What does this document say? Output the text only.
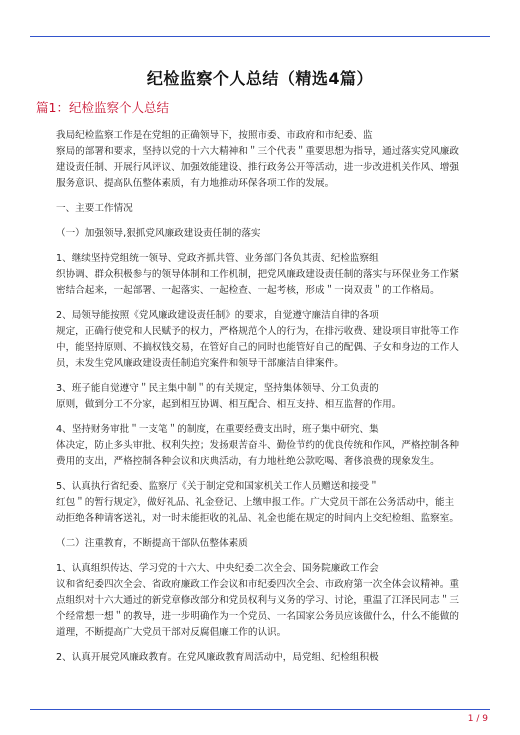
纪检监察个人总结（精选4篇）
篇1：纪检监察个人总结

我局纪检监察工作是在党组的正确领导下，按照市委、市政府和市纪委、监
察局的部署和要求，坚持以党的十六大精神和＂三个代表＂重要思想为指导，通过落实党风廉政
建设责任制、开展行风评议、加强效能建设、推行政务公开等活动，进一步改进机关作风、增强
服务意识、提高队伍整体素质，有力地推动环保各项工作的发展。

一、主要工作情况

（一）加强领导,狠抓党风廉政建设责任制的落实

1、继续坚持党组统一领导、党政齐抓共管、业务部门各负其责、纪检监察组
织协调、群众积极参与的领导体制和工作机制，把党风廉政建设责任制的落实与环保业务工作紧
密结合起来，一起部署、一起落实、一起检查、一起考核，形成＂一岗双责＂的工作格局。

2、局领导能按照《党风廉政建设责任制》的要求，自觉遵守廉洁自律的各项
规定，正确行使党和人民赋予的权力，严格规范个人的行为，在排污收费、建设项目审批等工作
中，能坚持原则、不搞权钱交易，在管好自己的同时也能管好自己的配偶、子女和身边的工作人
员，未发生党风廉政建设责任制追究案件和领导干部廉洁自律案件。

3、班子能自觉遵守＂民主集中制＂的有关规定，坚持集体领导、分工负责的
原则，做到分工不分家，起到相互协调、相互配合、相互支持、相互监督的作用。

4、坚持财务审批＂一支笔＂的制度，在重要经费支出时，班子集中研究、集
体决定，防止多头审批、权利失控；发扬艰苦奋斗、勤俭节约的优良传统和作风，严格控制各种
费用的支出，严格控制各种会议和庆典活动，有力地杜绝公款吃喝、奢侈浪费的现象发生。

5、认真执行省纪委、监察厅《关于制定党和国家机关工作人员赠送和接受＂
红包＂的暂行规定》，做好礼品、礼金登记、上缴申报工作。广大党员干部在公务活动中，能主
动拒绝各种请客送礼，对一时未能拒收的礼品、礼金也能在规定的时间内上交纪检组、监察室。

（二）注重教育，不断提高干部队伍整体素质

1、认真组织传达、学习党的十六大、中央纪委二次全会、国务院廉政工作会
议和省纪委四次全会、省政府廉政工作会议和市纪委四次全会、市政府第一次全体会议精神。重
点组织对十六大通过的新党章修改部分和党员权利与义务的学习、讨论，重温了江泽民同志＂三
个经常想一想＂的教导，进一步明确作为一个党员、一名国家公务员应该做什么，什么不能做的
道理，不断提高广大党员干部对反腐倡廉工作的认识。

2、认真开展党风廉政教育。在党风廉政教育周活动中，局党组、纪检组积极

1 / 9
